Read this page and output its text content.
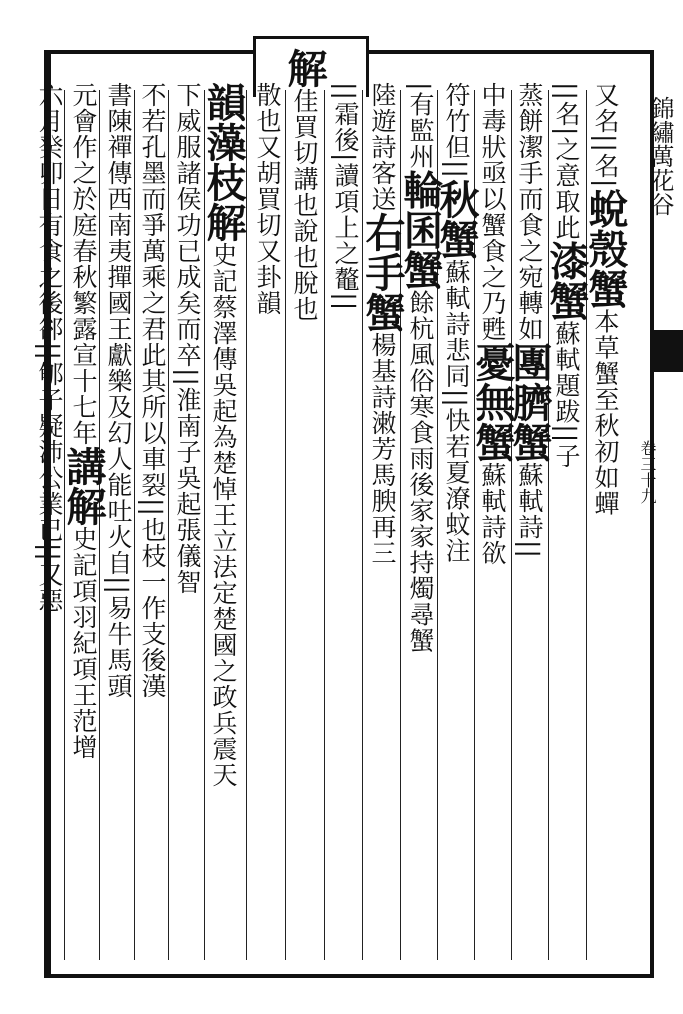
錦繡萬花谷
卷三十九
又名||名|蛻殼蟹本草蟹至秋初如蟬
||名|之意取此漆蟹蘇軾題跋||子
蒸餅潔手而食之宛轉如團臍蟹蘇軾詩||
中毒狀亟以蟹食之乃甦憂無蟹蘇軾詩欲
符竹但||秋蟹蘇軾詩悲同||快若夏潦蚊注
|有監州輪囷蟹餘杭風俗寒食雨後家家持燭尋蟹
陸遊詩客送右手蟹楊基詩潄芳馬腴再三
||霜後|讀項上之鼇||
解佳買切講也說也脫也
散也又胡買切又卦韻
韻藻枝解史記蔡澤傳吳起為楚悼王立法定楚國之政兵震天
下威服諸侯功已成矣而卒||淮南子吳起張儀智
不若孔墨而爭萬乘之君此其所以車裂||也枝一作支後漢
書陳禪傳西南夷撣國王獻樂及幻人能吐火自||易牛馬頭
元會作之於庭春秋繁露宣十七年講解史記項羽紀項王范增
六月癸卯日有食之後郤||郇子疑沛公業已||又惡
